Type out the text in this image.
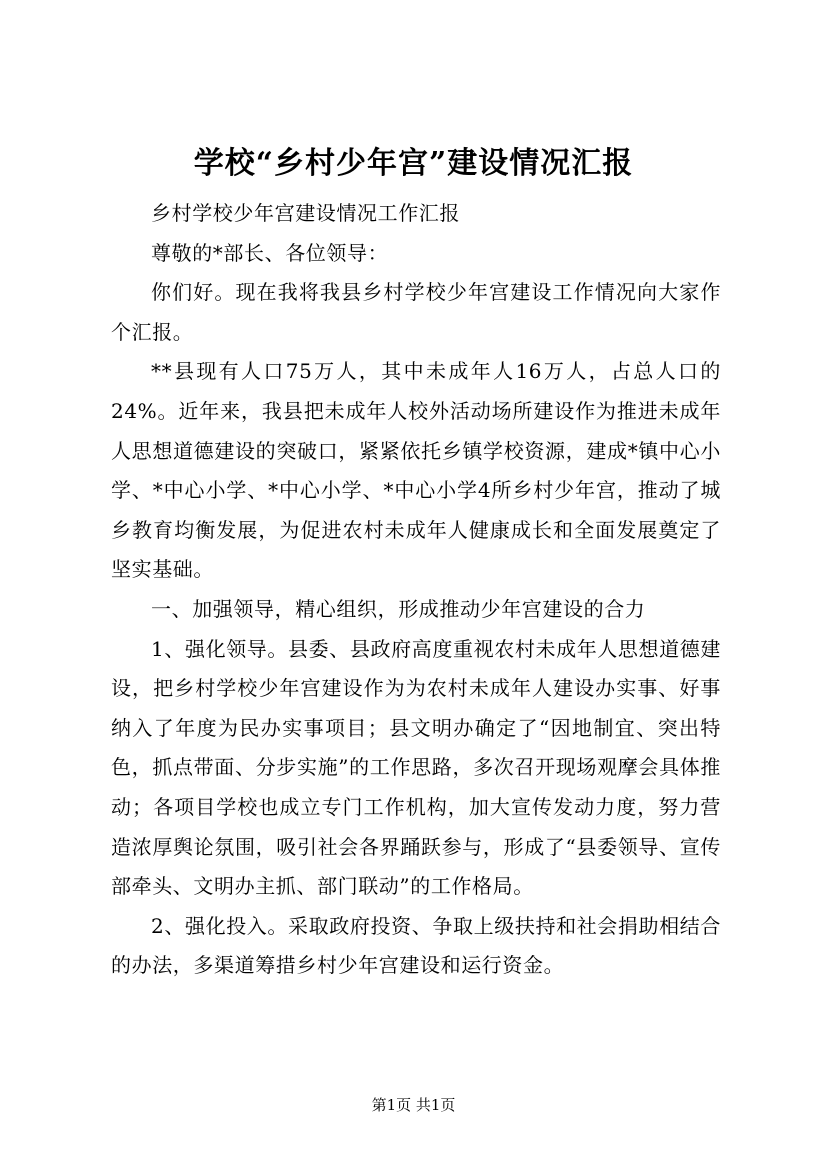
学校“乡村少年宫”建设情况汇报

乡村学校少年宫建设情况工作汇报

尊敬的*部长、各位领导：

你们好。现在我将我县乡村学校少年宫建设工作情况向大家作个汇报。

**县现有人口75万人，其中未成年人16万人，占总人口的24%。近年来，我县把未成年人校外活动场所建设作为推进未成年人思想道德建设的突破口，紧紧依托乡镇学校资源，建成*镇中心小学、*中心小学、*中心小学、*中心小学4所乡村少年宫，推动了城乡教育均衡发展，为促进农村未成年人健康成长和全面发展奠定了坚实基础。

一、加强领导，精心组织，形成推动少年宫建设的合力

1、强化领导。县委、县政府高度重视农村未成年人思想道德建设，把乡村学校少年宫建设作为为农村未成年人建设办实事、好事纳入了年度为民办实事项目；县文明办确定了“因地制宜、突出特色，抓点带面、分步实施”的工作思路，多次召开现场观摩会具体推动；各项目学校也成立专门工作机构，加大宣传发动力度，努力营造浓厚舆论氛围，吸引社会各界踊跃参与，形成了“县委领导、宣传部牵头、文明办主抓、部门联动”的工作格局。

2、强化投入。采取政府投资、争取上级扶持和社会捐助相结合的办法，多渠道筹措乡村少年宫建设和运行资金。

第1页 共1页
